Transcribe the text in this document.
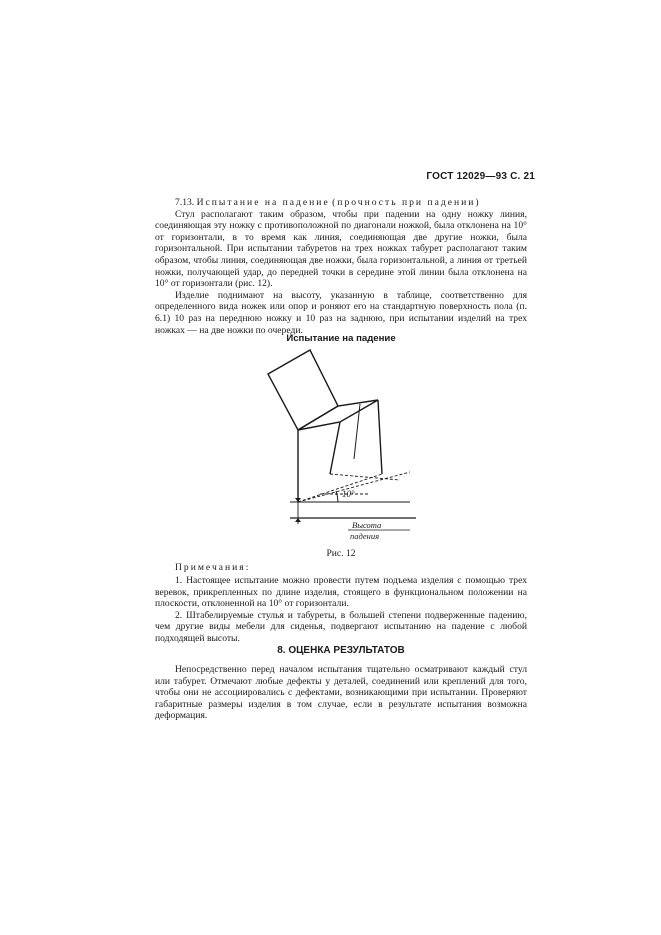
ГОСТ 12029—93 С. 21

7.13. Испытание на падение (прочность при падении)

Стул располагают таким образом, чтобы при падении на одну ножку линия, соединяющая эту ножку с противоположной по диагонали ножкой, была отклонена на 10° от горизонтали, в то время как линия, соединяющая две другие ножки, была горизонтальной. При испытании табуретов на трех ножках табурет располагают таким образом, чтобы линия, соединяющая две ножки, была горизонтальной, а линия от третьей ножки, получающей удар, до передней точки в середине этой линии была отклонена на 10° от горизонтали (рис. 12).

Изделие поднимают на высоту, указанную в таблице, соответственно для определенного вида ножек или опор и роняют его на стандартную поверхность пола (п. 6.1) 10 раз на переднюю ножку и 10 раз на заднюю, при испытании изделий на трех ножках — на две ножки по очереди.

Испытание на падение
10°
Высота
падения
Рис. 12
Примечания:

1. Настоящее испытание можно провести путем подъема изделия с помощью трех веревок, прикрепленных по длине изделия, стоящего в функциональном положении на плоскости, отклоненной на 10° от горизонтали.

2. Штабелируемые стулья и табуреты, в большей степени подверженные падению, чем другие виды мебели для сиденья, подвергают испытанию на падение с любой подходящей высоты.

8. ОЦЕНКА РЕЗУЛЬТАТОВ

Непосредственно перед началом испытания тщательно осматривают каждый стул или табурет. Отмечают любые дефекты у деталей, соединений или креплений для того, чтобы они не ассоциировались с дефектами, возникающими при испытании. Проверяют габаритные размеры изделия в том случае, если в результате испытания возможна деформация.
